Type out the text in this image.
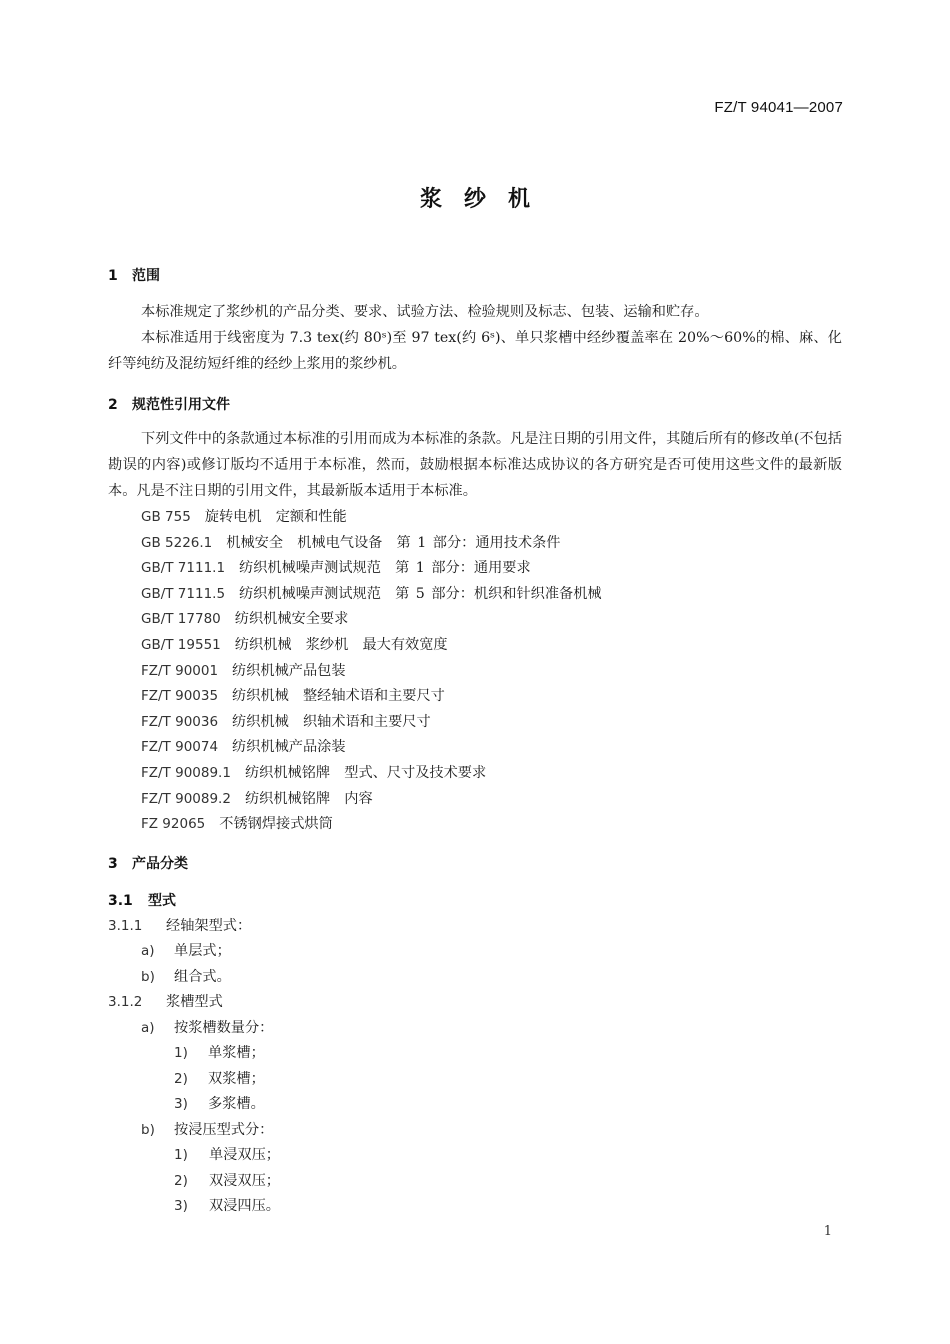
FZ/T 94041—2007
浆纱机
1 范围

本标准规定了浆纱机的产品分类、要求、试验方法、检验规则及标志、包装、运输和贮存。

本标准适用于线密度为 7.3 tex(约 80ˢ)至 97 tex(约 6ˢ)、单只浆槽中经纱覆盖率在 20%～60%的棉、麻、化纤等纯纺及混纺短纤维的经纱上浆用的浆纱机。

2 规范性引用文件

下列文件中的条款通过本标准的引用而成为本标准的条款。凡是注日期的引用文件，其随后所有的修改单(不包括勘误的内容)或修订版均不适用于本标准，然而，鼓励根据本标准达成协议的各方研究是否可使用这些文件的最新版本。凡是不注日期的引用文件，其最新版本适用于本标准。

GB 755 旋转电机　定额和性能
GB 5226.1 机械安全　机械电气设备　第 1 部分：通用技术条件
GB/T 7111.1 纺织机械噪声测试规范　第 1 部分：通用要求
GB/T 7111.5 纺织机械噪声测试规范　第 5 部分：机织和针织准备机械
GB/T 17780 纺织机械安全要求
GB/T 19551 纺织机械　浆纱机　最大有效宽度
FZ/T 90001 纺织机械产品包装
FZ/T 90035 纺织机械　整经轴术语和主要尺寸
FZ/T 90036 纺织机械　织轴术语和主要尺寸
FZ/T 90074 纺织机械产品涂装
FZ/T 90089.1 纺织机械铭牌　型式、尺寸及技术要求
FZ/T 90089.2 纺织机械铭牌　内容
FZ 92065 不锈钢焊接式烘筒
3 产品分类
3.1 型式
3.1.1 经轴架型式：
a) 单层式；
b) 组合式。
3.1.2 浆槽型式
a) 按浆槽数量分：
1) 单浆槽；
2) 双浆槽；
3) 多浆槽。
b) 按浸压型式分：
1) 单浸双压；
2) 双浸双压；
3) 双浸四压。
1
